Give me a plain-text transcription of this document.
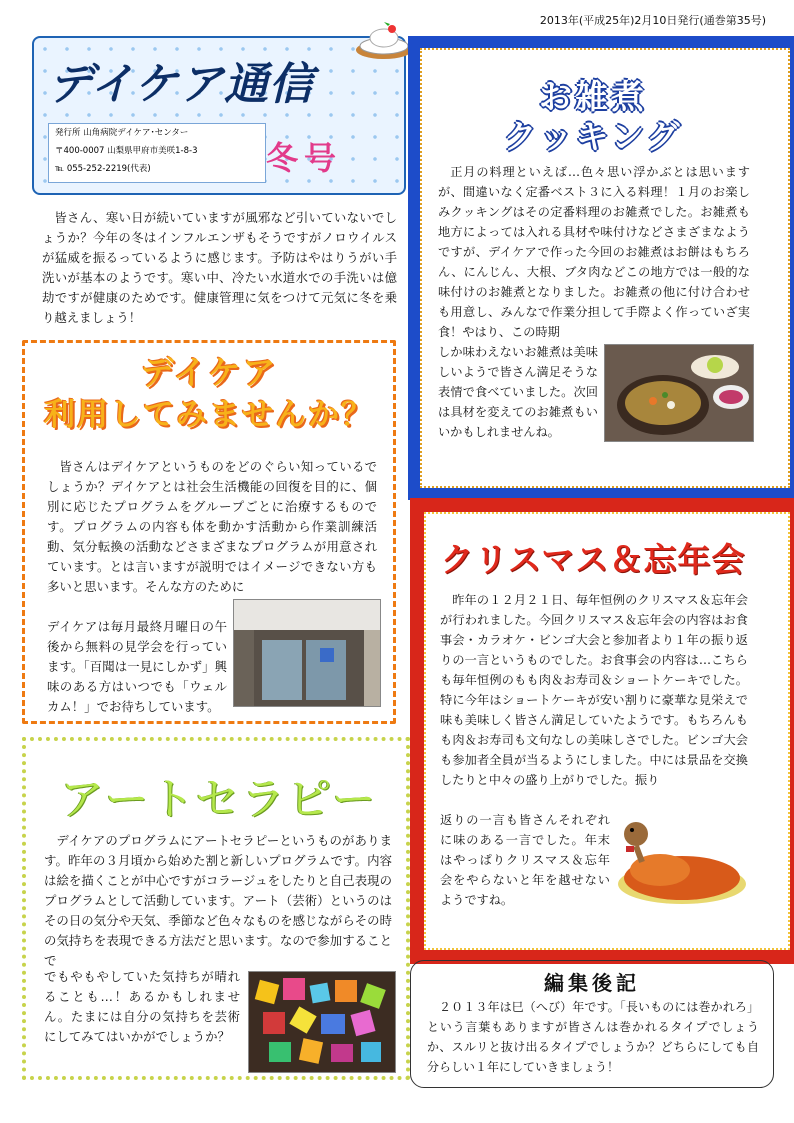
2013年(平成25年)2月10日発行(通巻第35号)
デイケア通信
発行所 山角病院デイケア･センター
〒400-0007 山梨県甲府市美咲1-8-3
℡ 055-252-2219(代表)	冬号

皆さん、寒い日が続いていますが風邪など引いていないでしょうか？今年の冬はインフルエンザもそうですがノロウイルスが猛威を振るっているように感じます。予防はやはりうがい手洗いが基本のようです。寒い中、冷たい水道水での手洗いは億劫ですが健康のためです。健康管理に気をつけて元気に冬を乗り越えましょう！

デイケア
利用してみませんか？

皆さんはデイケアというものをどのぐらい知っているでしょうか？デイケアとは社会生活機能の回復を目的に、個別に応じたプログラムをグループごとに治療するものです。プログラムの内容も体を動かす活動から作業訓練活動、気分転換の活動などさまざまなプログラムが用意されています。とは言いますが説明ではイメージできない方も多いと思います。そんな方のために

デイケアは毎月最終月曜日の午後から無料の見学会を行っています。「百聞は一見にしかず」興味のある方はいつでも「ウェルカム！」でお待ちしています。

アートセラピー

デイケアのプログラムにアートセラピーというものがあります。昨年の３月頃から始めた割と新しいプログラムです。内容は絵を描くことが中心ですがコラージュをしたりと自己表現のプログラムとして活動しています。アート（芸術）というのはその日の気分や天気、季節など色々なものを感じながらその時の気持ちを表現できる方法だと思います。なので参加することで

でもやもやしていた気持ちが晴れることも…！あるかもしれません。たまには自分の気持ちを芸術にしてみてはいかがでしょうか？

お雑煮
クッキング

正月の料理といえば…色々思い浮かぶとは思いますが、間違いなく定番ベスト３に入る料理！１月のお楽しみクッキングはその定番料理のお雑煮でした。お雑煮も地方によっては入れる具材や味付けなどさまざまなようですが、デイケアで作った今回のお雑煮はお餅はもちろん、にんじん、大根、ブタ肉などこの地方では一般的な味付けのお雑煮となりました。お雑煮の他に付け合わせも用意し、みんなで作業分担して手際よく作っていざ実食！やはり、この時期

しか味わえないお雑煮は美味しいようで皆さん満足そうな表情で食べていました。次回は具材を変えてのお雑煮もいいかもしれませんね。

クリスマス＆忘年会

昨年の１２月２１日、毎年恒例のクリスマス＆忘年会が行われました。今回クリスマス＆忘年会の内容はお食事会・カラオケ・ビンゴ大会と参加者より１年の振り返りの一言というものでした。お食事会の内容は…こちらも毎年恒例のもも肉＆お寿司＆ショートケーキでした。特に今年はショートケーキが安い割りに豪華な見栄えで味も美味しく皆さん満足していたようです。もちろんもも肉＆お寿司も文句なしの美味しさでした。ビンゴ大会も参加者全員が当るようにしました。中には景品を交換したりと中々の盛り上がりでした。振り

返りの一言も皆さんそれぞれに味のある一言でした。年末はやっぱりクリスマス＆忘年会をやらないと年を越せないようですね。

編集後記

２０１３年は巳（へび）年です。「長いものには巻かれろ」という言葉もありますが皆さんは巻かれるタイプでしょうか、スルリと抜け出るタイプでしょうか？どちらにしても自分らしい１年にしていきましょう！
